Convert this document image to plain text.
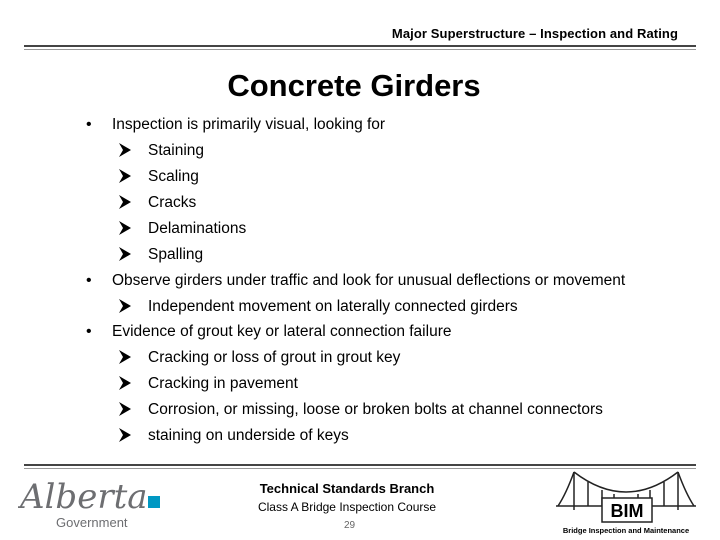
Major Superstructure – Inspection and Rating
Concrete Girders
• Inspection is primarily visual, looking for
Staining
Scaling
Cracks
Delaminations
Spalling
• Observe girders under traffic and look for unusual deflections or movement
Independent movement on laterally connected girders
• Evidence of grout key or lateral connection failure
Cracking or loss of grout in grout key
Cracking in pavement
Corrosion, or missing, loose or broken bolts at channel connectors
staining on underside of keys
Alberta
Government
Technical Standards Branch
Class A Bridge Inspection Course
29
BIM
Bridge Inspection and Maintenance
